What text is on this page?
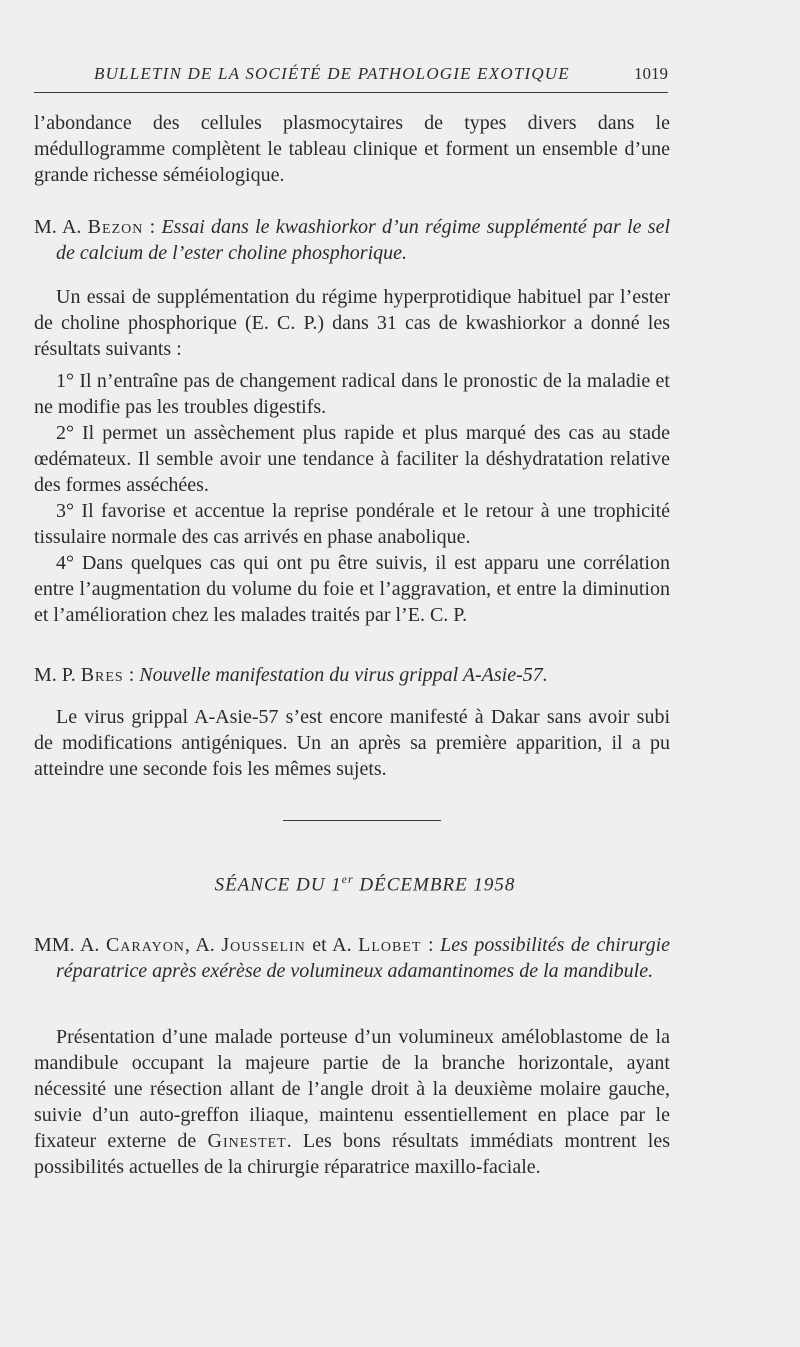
BULLETIN DE LA SOCIÉTÉ DE PATHOLOGIE EXOTIQUE	1019

l’abondance des cellules plasmocytaires de types divers dans le médullogramme complètent le tableau clinique et forment un ensemble d’une grande richesse séméiologique.

M. A. Bezon : Essai dans le kwashiorkor d’un régime supplémenté par le sel de calcium de l’ester choline phosphorique.

Un essai de supplémentation du régime hyperprotidique habituel par l’ester de choline phosphorique (E. C. P.) dans 31 cas de kwashiorkor a donné les résultats suivants :

1° Il n’entraîne pas de changement radical dans le pronostic de la maladie et ne modifie pas les troubles digestifs.

2° Il permet un assèchement plus rapide et plus marqué des cas au stade œdémateux. Il semble avoir une tendance à faciliter la déshydratation relative des formes asséchées.

3° Il favorise et accentue la reprise pondérale et le retour à une trophicité tissulaire normale des cas arrivés en phase anabolique.

4° Dans quelques cas qui ont pu être suivis, il est apparu une corrélation entre l’augmentation du volume du foie et l’aggravation, et entre la diminution et l’amélioration chez les malades traités par l’E. C. P.

M. P. Bres : Nouvelle manifestation du virus grippal A-Asie-57.

Le virus grippal A-Asie-57 s’est encore manifesté à Dakar sans avoir subi de modifications antigéniques. Un an après sa première apparition, il a pu atteindre une seconde fois les mêmes sujets.

SÉANCE DU 1er DÉCEMBRE 1958

MM. A. Carayon, A. Jousselin et A. Llobet : Les possibilités de chirurgie réparatrice après exérèse de volumineux adamantinomes de la mandibule.

Présentation d’une malade porteuse d’un volumineux améloblastome de la mandibule occupant la majeure partie de la branche horizontale, ayant nécessité une résection allant de l’angle droit à la deuxième molaire gauche, suivie d’un auto-greffon iliaque, maintenu essentiellement en place par le fixateur externe de Ginestet. Les bons résultats immédiats montrent les possibilités actuelles de la chirurgie réparatrice maxillo-faciale.
